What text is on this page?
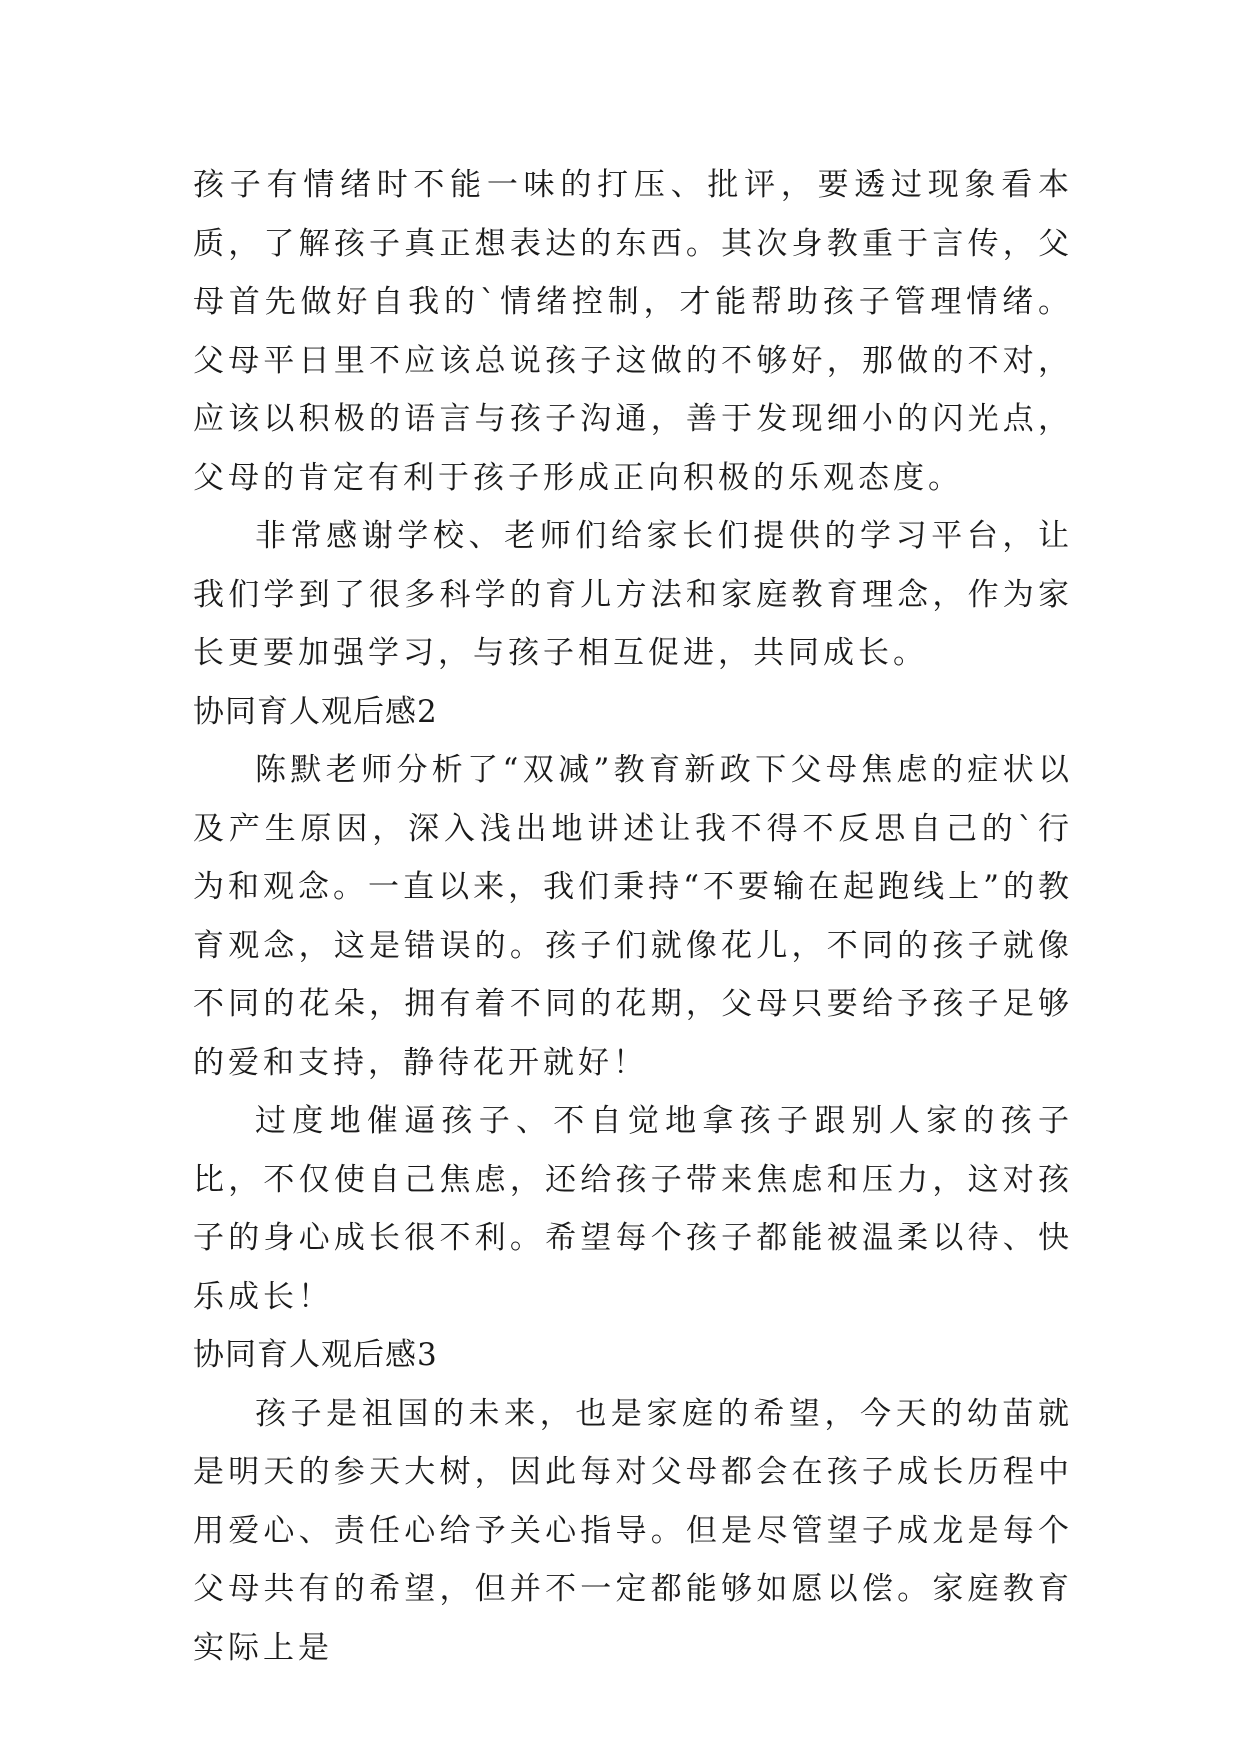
孩子有情绪时不能一味的打压、批评，要透过现象看本质，了解孩子真正想表达的东西。其次身教重于言传，父母首先做好自我的`情绪控制，才能帮助孩子管理情绪。父母平日里不应该总说孩子这做的不够好，那做的不对，应该以积极的语言与孩子沟通，善于发现细小的闪光点，父母的肯定有利于孩子形成正向积极的乐观态度。

非常感谢学校、老师们给家长们提供的学习平台，让我们学到了很多科学的育儿方法和家庭教育理念，作为家长更要加强学习，与孩子相互促进，共同成长。

协同育人观后感2

陈默老师分析了“双减”教育新政下父母焦虑的症状以及产生原因，深入浅出地讲述让我不得不反思自己的`行为和观念。一直以来，我们秉持“不要输在起跑线上”的教育观念，这是错误的。孩子们就像花儿，不同的孩子就像不同的花朵，拥有着不同的花期，父母只要给予孩子足够的爱和支持，静待花开就好！

过度地催逼孩子、不自觉地拿孩子跟别人家的孩子比，不仅使自己焦虑，还给孩子带来焦虑和压力，这对孩子的身心成长很不利。希望每个孩子都能被温柔以待、快乐成长！

协同育人观后感3

孩子是祖国的未来，也是家庭的希望，今天的幼苗就是明天的参天大树，因此每对父母都会在孩子成长历程中用爱心、责任心给予关心指导。但是尽管望子成龙是每个父母共有的希望，但并不一定都能够如愿以偿。家庭教育实际上是
